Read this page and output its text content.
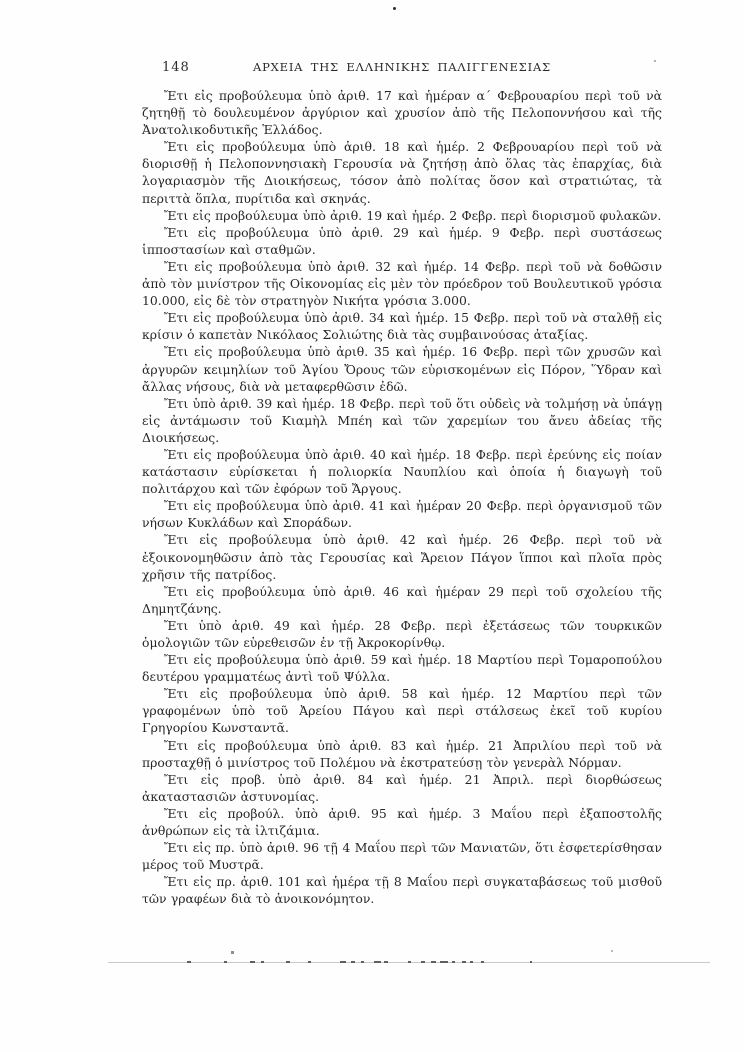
148	ΑΡΧΕΙΑ ΤΗΣ ΕΛΛΗΝΙΚΗΣ ΠΑΛΙΓΓΕΝΕΣΙΑΣ

Ἔτι εἰς προβούλευμα ὑπὸ ἀριθ. 17 καὶ ἡμέραν α΄ Φεβρουαρίου περὶ τοῦ νὰ ζητηθῇ τὸ δουλευμένον ἀργύριον καὶ χρυσίον ἀπὸ τῆς Πελοποννήσου καὶ τῆς Ἀνατολικοδυτικῆς Ἑλλάδος.

Ἔτι εἰς προβούλευμα ὑπὸ ἀριθ. 18 καὶ ἡμέρ. 2 Φεβρουαρίου περὶ τοῦ νὰ διορισθῇ ἡ Πελοποννησιακὴ Γερουσία νὰ ζητήσῃ ἀπὸ ὅλας τὰς ἐπαρχίας, διὰ λογαριασμὸν τῆς Διοικήσεως, τόσον ἀπὸ πολίτας ὅσον καὶ στρατιώτας, τὰ περιττὰ ὅπλα, πυρίτιδα καὶ σκηνάς.

Ἔτι εἰς προβούλευμα ὑπὸ ἀριθ. 19 καὶ ἡμέρ. 2 Φεβρ. περὶ διορισμοῦ φυλακῶν.

Ἔτι εἰς προβούλευμα ὑπὸ ἀριθ. 29 καὶ ἡμέρ. 9 Φεβρ. περὶ συστάσεως ἱπποστασίων καὶ σταθμῶν.

Ἔτι εἰς προβούλευμα ὑπὸ ἀριθ. 32 καὶ ἡμέρ. 14 Φεβρ. περὶ τοῦ νὰ δοθῶσιν ἀπὸ τὸν μινίστρον τῆς Οἰκονομίας εἰς μὲν τὸν πρόεδρον τοῦ Βουλευτικοῦ γρόσια 10.000, εἰς δὲ τὸν στρατηγὸν Νικήτα γρόσια 3.000.

Ἔτι εἰς προβούλευμα ὑπὸ ἀριθ. 34 καὶ ἡμέρ. 15 Φεβρ. περὶ τοῦ νὰ σταλθῇ εἰς κρίσιν ὁ καπετὰν Νικόλαος Σολιώτης διὰ τὰς συμβαινούσας ἀταξίας.

Ἔτι εἰς προβούλευμα ὑπὸ ἀριθ. 35 καὶ ἡμέρ. 16 Φεβρ. περὶ τῶν χρυσῶν καὶ ἀργυρῶν κειμηλίων τοῦ Ἁγίου Ὄρους τῶν εὑρισκομένων εἰς Πόρον, Ὕδραν καὶ ἄλλας νήσους, διὰ νὰ μεταφερθῶσιν ἐδῶ.

Ἔτι ὑπὸ ἀριθ. 39 καὶ ἡμέρ. 18 Φεβρ. περὶ τοῦ ὅτι οὐδεὶς νὰ τολμήσῃ νὰ ὑπάγῃ εἰς ἀντάμωσιν τοῦ Κιαμὴλ Μπέη καὶ τῶν χαρεμίων του ἄνευ ἀδείας τῆς Διοικήσεως.

Ἔτι εἰς προβούλευμα ὑπὸ ἀριθ. 40 καὶ ἡμέρ. 18 Φεβρ. περὶ ἐρεύνης εἰς ποίαν κατάστασιν εὑρίσκεται ἡ πολιορκία Ναυπλίου καὶ ὁποία ἡ διαγωγὴ τοῦ πολιτάρχου καὶ τῶν ἐφόρων τοῦ Ἄργους.

Ἔτι εἰς προβούλευμα ὑπὸ ἀριθ. 41 καὶ ἡμέραν 20 Φεβρ. περὶ ὀργανισμοῦ τῶν νήσων Κυκλάδων καὶ Σποράδων.

Ἔτι εἰς προβούλευμα ὑπὸ ἀριθ. 42 καὶ ἡμέρ. 26 Φεβρ. περὶ τοῦ νὰ ἐξοικονομηθῶσιν ἀπὸ τὰς Γερουσίας καὶ Ἄρειον Πάγον ἵπποι καὶ πλοῖα πρὸς χρῆσιν τῆς πατρίδος.

Ἔτι εἰς προβούλευμα ὑπὸ ἀριθ. 46 καὶ ἡμέραν 29 περὶ τοῦ σχολείου τῆς Δημητζάνης.

Ἔτι ὑπὸ ἀριθ. 49 καὶ ἡμέρ. 28 Φεβρ. περὶ ἐξετάσεως τῶν τουρκικῶν ὁμολογιῶν τῶν εὑρεθεισῶν ἐν τῇ Ἀκροκορίνθῳ.

Ἔτι εἰς προβούλευμα ὑπὸ ἀριθ. 59 καὶ ἡμέρ. 18 Μαρτίου περὶ Τομαροπούλου δευτέρου γραμματέως ἀντὶ τοῦ Ψύλλα.

Ἔτι εἰς προβούλευμα ὑπὸ ἀριθ. 58 καὶ ἡμέρ. 12 Μαρτίου περὶ τῶν γραφομένων ὑπὸ τοῦ Ἀρείου Πάγου καὶ περὶ στάλσεως ἐκεῖ τοῦ κυρίου Γρηγορίου Κωνσταντᾶ.

Ἔτι εἰς προβούλευμα ὑπὸ ἀριθ. 83 καὶ ἡμέρ. 21 Ἀπριλίου περὶ τοῦ νὰ προσταχθῇ ὁ μινίστρος τοῦ Πολέμου νὰ ἐκστρατεύσῃ τὸν γενερὰλ Νόρμαν.

Ἔτι εἰς προβ. ὑπὸ ἀριθ. 84 καὶ ἡμέρ. 21 Ἀπριλ. περὶ διορθώσεως ἀκαταστασιῶν ἀστυνομίας.

Ἔτι εἰς προβούλ. ὑπὸ ἀριθ. 95 καὶ ἡμέρ. 3 Μαΐου περὶ ἐξαποστολῆς ἀνθρώπων εἰς τὰ ἰλτιζάμια.

Ἔτι εἰς πρ. ὑπὸ ἀριθ. 96 τῇ 4 Μαΐου περὶ τῶν Μανιατῶν, ὅτι ἐσφετερίσθησαν μέρος τοῦ Μυστρᾶ.

Ἔτι εἰς πρ. ἀριθ. 101 καὶ ἡμέρα τῇ 8 Μαΐου περὶ συγκαταβάσεως τοῦ μισθοῦ τῶν γραφέων διὰ τὸ ἀνοικονόμητον.
